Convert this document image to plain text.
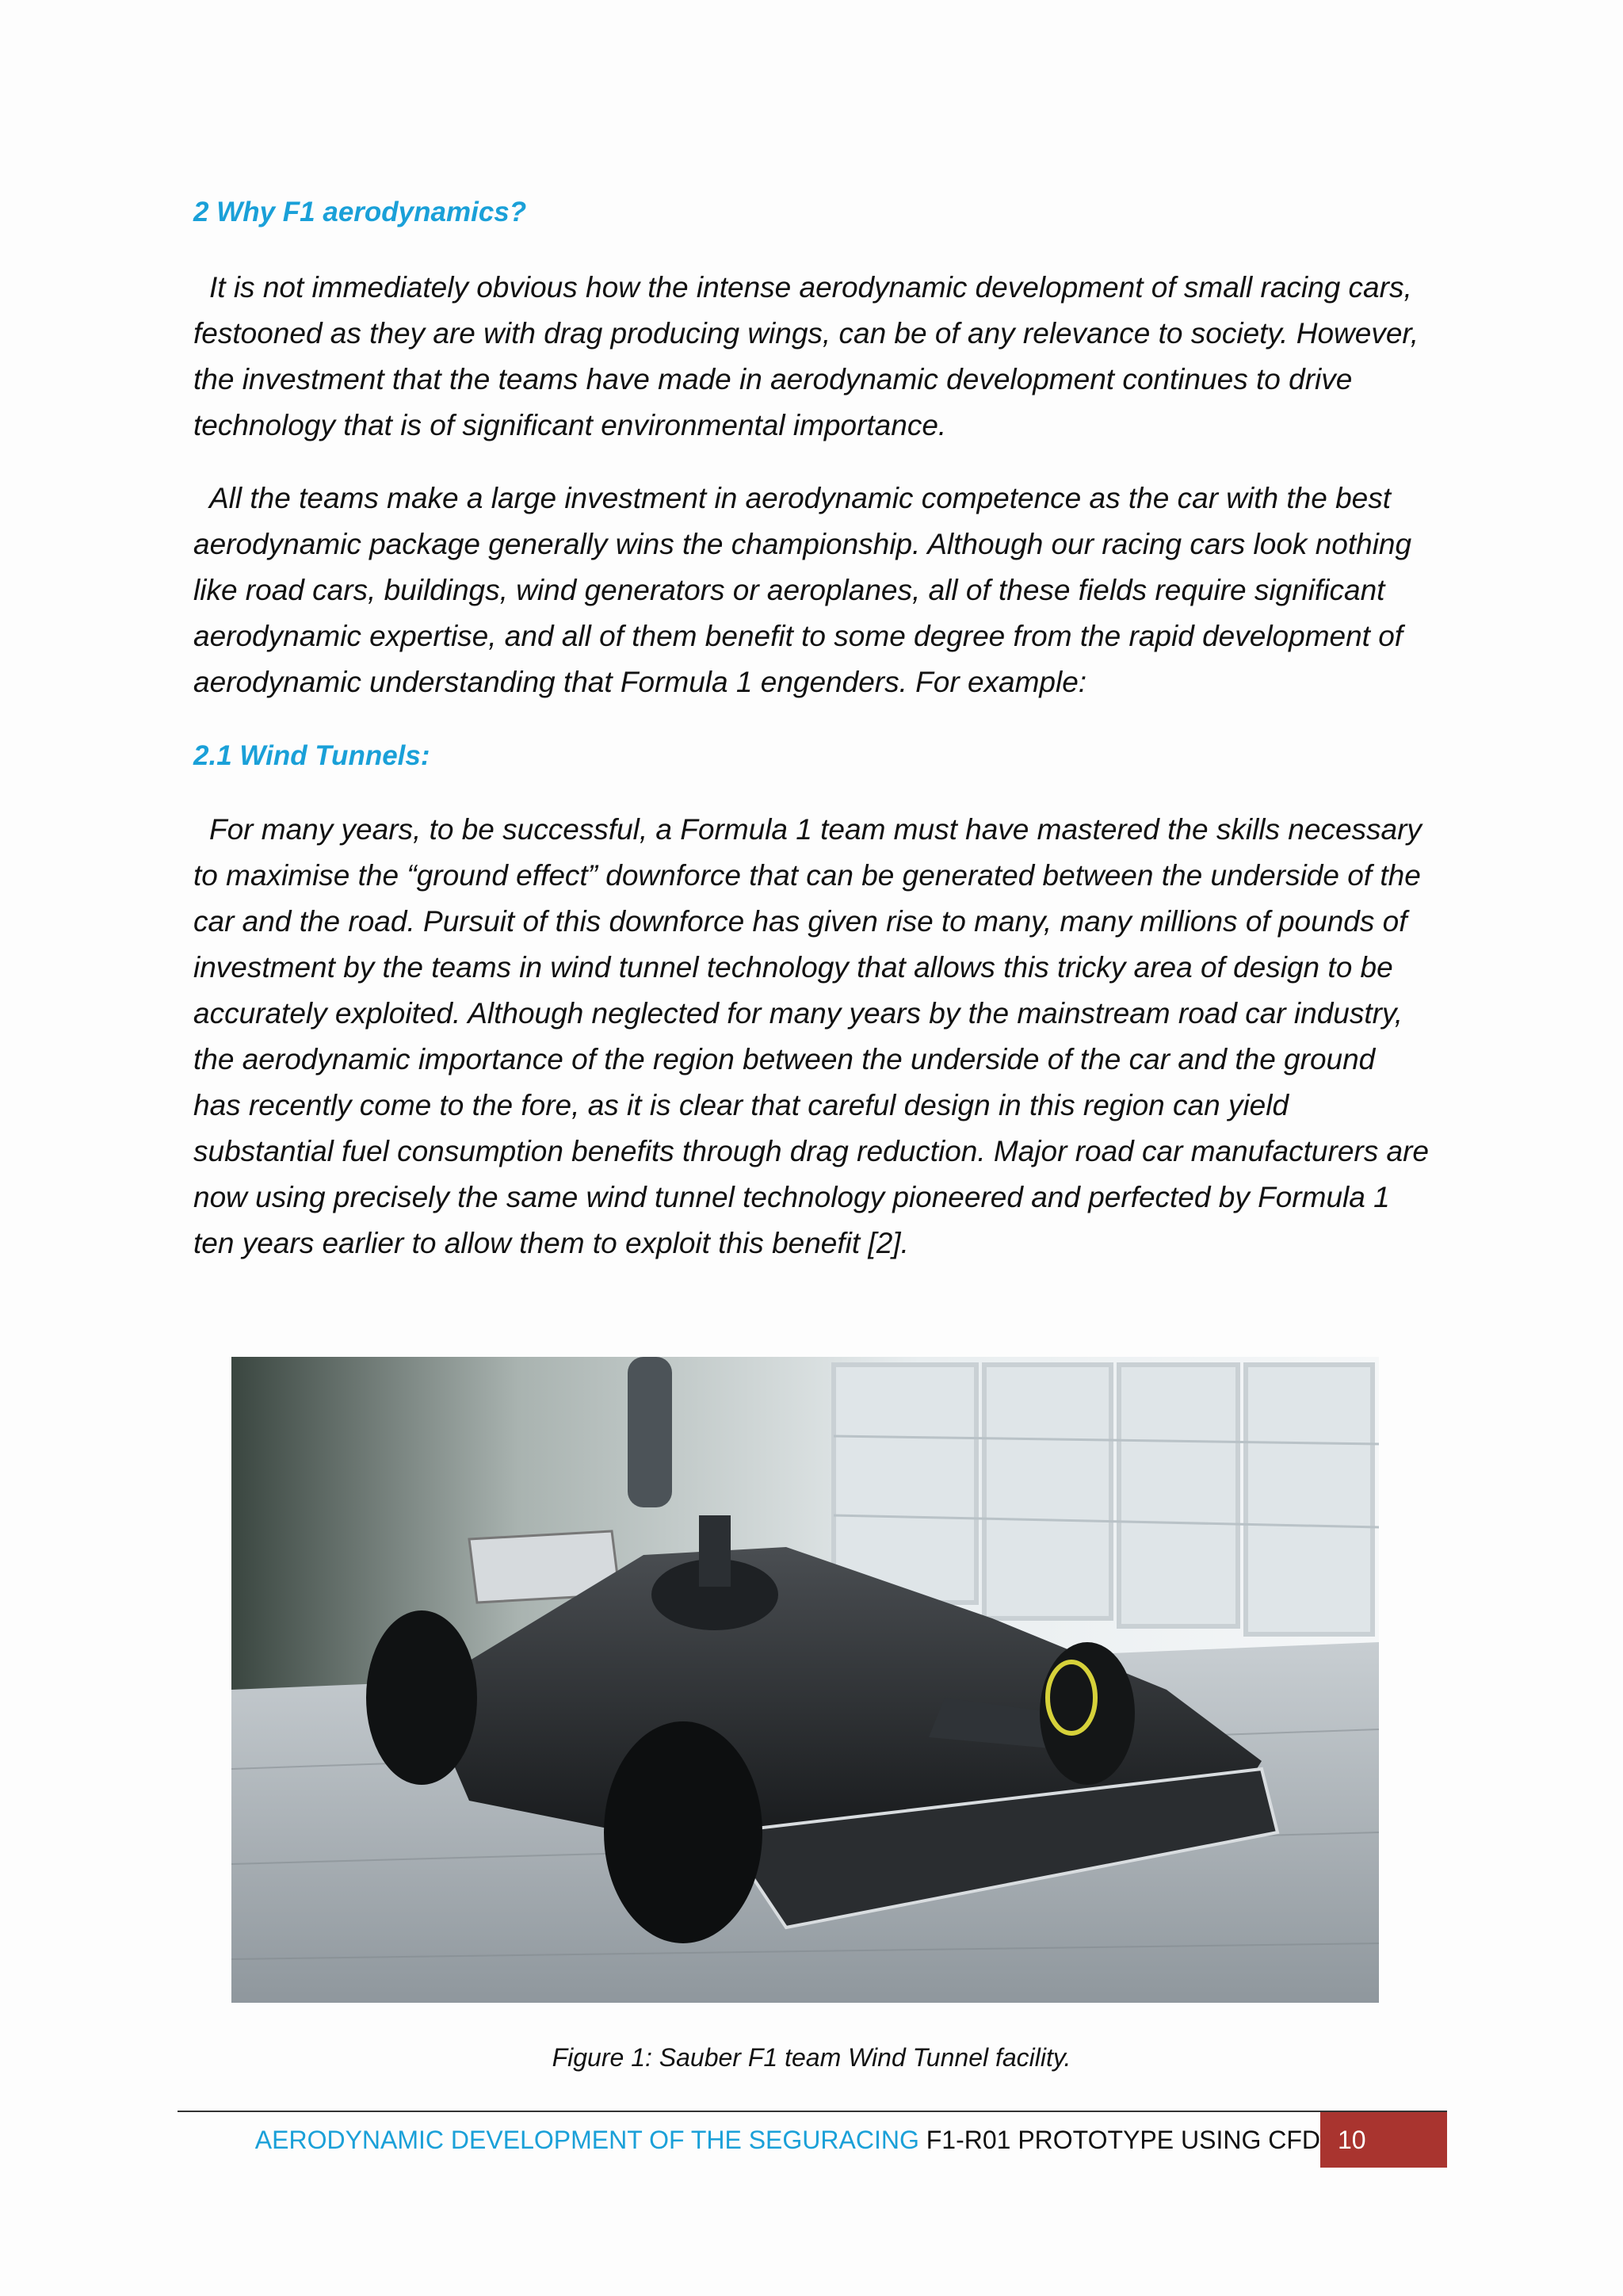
2 Why F1 aerodynamics?

It is not immediately obvious how the intense aerodynamic development of small racing cars, festooned as they are with drag producing wings, can be of any relevance to society. However, the investment that the teams have made in aerodynamic development continues to drive technology that is of significant environmental importance.

All the teams make a large investment in aerodynamic competence as the car with the best aerodynamic package generally wins the championship. Although our racing cars look nothing like road cars, buildings, wind generators or aeroplanes, all of these fields require significant aerodynamic expertise, and all of them benefit to some degree from the rapid development of aerodynamic understanding that Formula 1 engenders. For example:

2.1 Wind Tunnels:

For many years, to be successful, a Formula 1 team must have mastered the skills necessary to maximise the “ground effect” downforce that can be generated between the underside of the car and the road. Pursuit of this downforce has given rise to many, many millions of pounds of investment by the teams in wind tunnel technology that allows this tricky area of design to be accurately exploited. Although neglected for many years by the mainstream road car industry, the aerodynamic importance of the region between the underside of the car and the ground has recently come to the fore, as it is clear that careful design in this region can yield substantial fuel consumption benefits through drag reduction. Major road car manufacturers are now using precisely the same wind tunnel technology pioneered and perfected by Formula 1 ten years earlier to allow them to exploit this benefit [2].

Figure 1: Sauber F1 team Wind Tunnel facility.

AERODYNAMIC DEVELOPMENT OF THE SEGURACING F1-R01 PROTOTYPE USING CFD 10
